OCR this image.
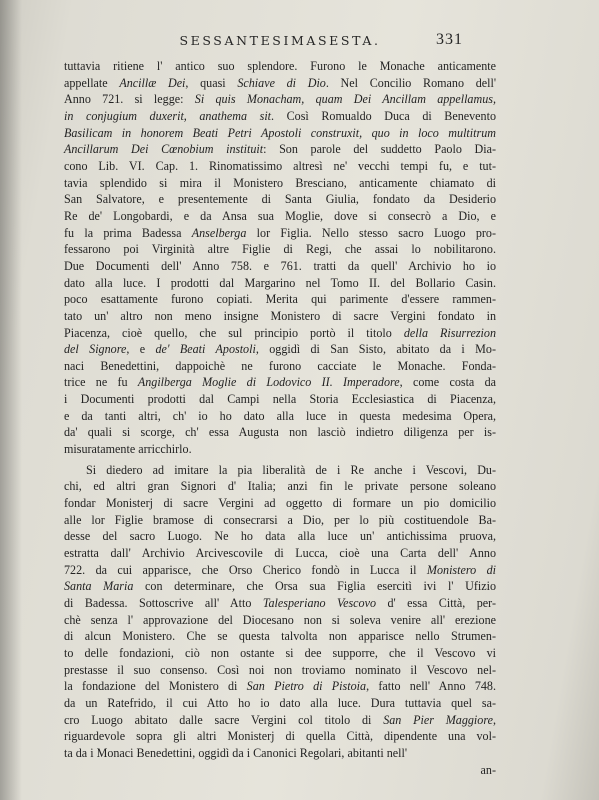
SESSANTESIMASESTA.	331
tuttavia ritiene l' antico suo splendore. Furono le Monache anticamente
appellate Ancillæ Dei, quasi Schiave di Dio. Nel Concilio Romano dell'
Anno 721. si legge: Si quis Monacham, quam Dei Ancillam appellamus,
in conjugium duxerit, anathema sit. Così Romualdo Duca di Benevento
Basilicam in honorem Beati Petri Apostoli construxit, quo in loco multitrum
Ancillarum Dei Cœnobium instituit: Son parole del suddetto Paolo Dia-
cono Lib. VI. Cap. 1. Rinomatissimo altresì ne' vecchi tempi fu, e tut-
tavia splendido si mira il Monistero Bresciano, anticamente chiamato di
San Salvatore, e presentemente di Santa Giulia, fondato da Desiderio
Re de' Longobardi, e da Ansa sua Moglie, dove si consecrò a Dio, e
fu la prima Badessa Anselberga lor Figlia. Nello stesso sacro Luogo pro-
fessarono poi Virginità altre Figlie di Regi, che assai lo nobilitarono.
Due Documenti dell' Anno 758. e 761. tratti da quell' Archivio ho io
dato alla luce. I prodotti dal Margarino nel Tomo II. del Bollario Casin.
poco esattamente furono copiati. Merita qui parimente d'essere rammen-
tato un' altro non meno insigne Monistero di sacre Vergini fondato in
Piacenza, cioè quello, che sul principio portò il titolo della Risurrezion
del Signore, e de' Beati Apostoli, oggidì di San Sisto, abitato da i Mo-
naci Benedettini, dappoichè ne furono cacciate le Monache. Fonda-
trice ne fu Angilberga Moglie di Lodovico II. Imperadore, come costa da
i Documenti prodotti dal Campi nella Storia Ecclesiastica di Piacenza,
e da tanti altri, ch' io ho dato alla luce in questa medesima Opera,
da' quali si scorge, ch' essa Augusta non lasciò indietro diligenza per is-
misuratamente arricchirlo.
Si diedero ad imitare la pia liberalità de i Re anche i Vescovi, Du-
chi, ed altri gran Signori d' Italia; anzi fin le private persone soleano
fondar Monisterj di sacre Vergini ad oggetto di formare un pio domicilio
alle lor Figlie bramose di consecrarsi a Dio, per lo più costituendole Ba-
desse del sacro Luogo. Ne ho data alla luce un' antichissima pruova,
estratta dall' Archivio Arcivescovile di Lucca, cioè una Carta dell' Anno
722. da cui apparisce, che Orso Cherico fondò in Lucca il Monistero di
Santa Maria con determinare, che Orsa sua Figlia esercitì ivi l' Ufizio
di Badessa. Sottoscrive all' Atto Talesperiano Vescovo d' essa Città, per-
chè senza l' approvazione del Diocesano non si soleva venire all' erezione
di alcun Monistero. Che se questa talvolta non apparisce nello Strumen-
to delle fondazioni, ciò non ostante si dee supporre, che il Vescovo vi
prestasse il suo consenso. Così noi non troviamo nominato il Vescovo nel-
la fondazione del Monistero di San Pietro di Pistoia, fatto nell' Anno 748.
da un Ratefrido, il cui Atto ho io dato alla luce. Dura tuttavia quel sa-
cro Luogo abitato dalle sacre Vergini col titolo di San Pier Maggiore,
riguardevole sopra gli altri Monisterj di quella Città, dipendente una vol-
ta da i Monaci Benedettini, oggidì da i Canonici Regolari, abitanti nell'
an-
